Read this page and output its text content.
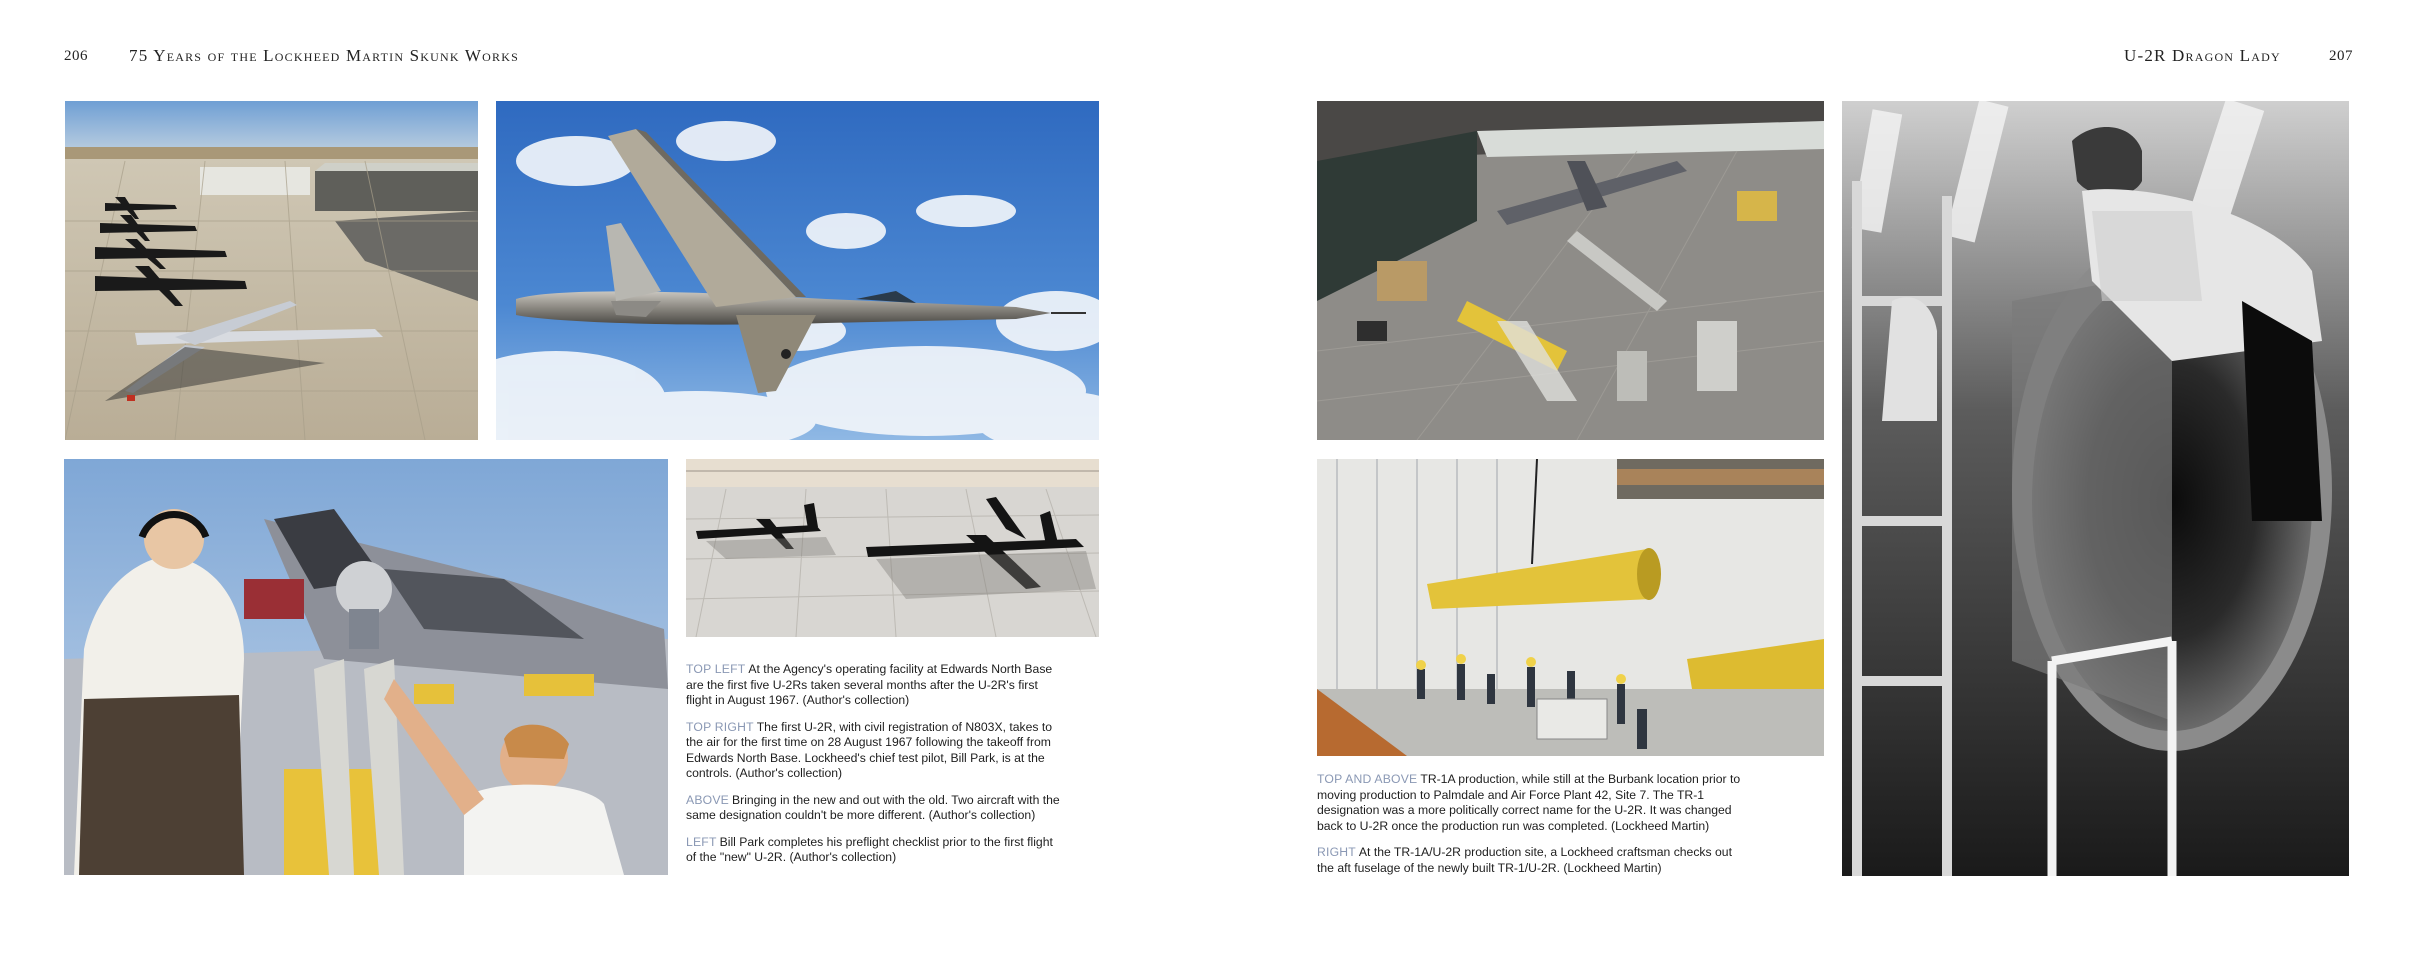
206 75 Years of the Lockheed Martin Skunk Works

TOP LEFT At the Agency's operating facility at Edwards North Base are the first five U-2Rs taken several months after the U-2R's first flight in August 1967. (Author's collection)

TOP RIGHT The first U-2R, with civil registration of N803X, takes to the air for the first time on 28 August 1967 following the takeoff from Edwards North Base. Lockheed's chief test pilot, Bill Park, is at the controls. (Author's collection)

ABOVE Bringing in the new and out with the old. Two aircraft with the same designation couldn't be more different. (Author's collection)

LEFT Bill Park completes his preflight checklist prior to the first flight of the "new" U-2R. (Author's collection)

U-2R Dragon Lady	207

TOP AND ABOVE TR-1A production, while still at the Burbank location prior to moving production to Palmdale and Air Force Plant 42, Site 7. The TR-1 designation was a more politically correct name for the U-2R. It was changed back to U-2R once the production run was completed. (Lockheed Martin)

RIGHT At the TR-1A/U-2R production site, a Lockheed craftsman checks out the aft fuselage of the newly built TR-1/U-2R. (Lockheed Martin)
